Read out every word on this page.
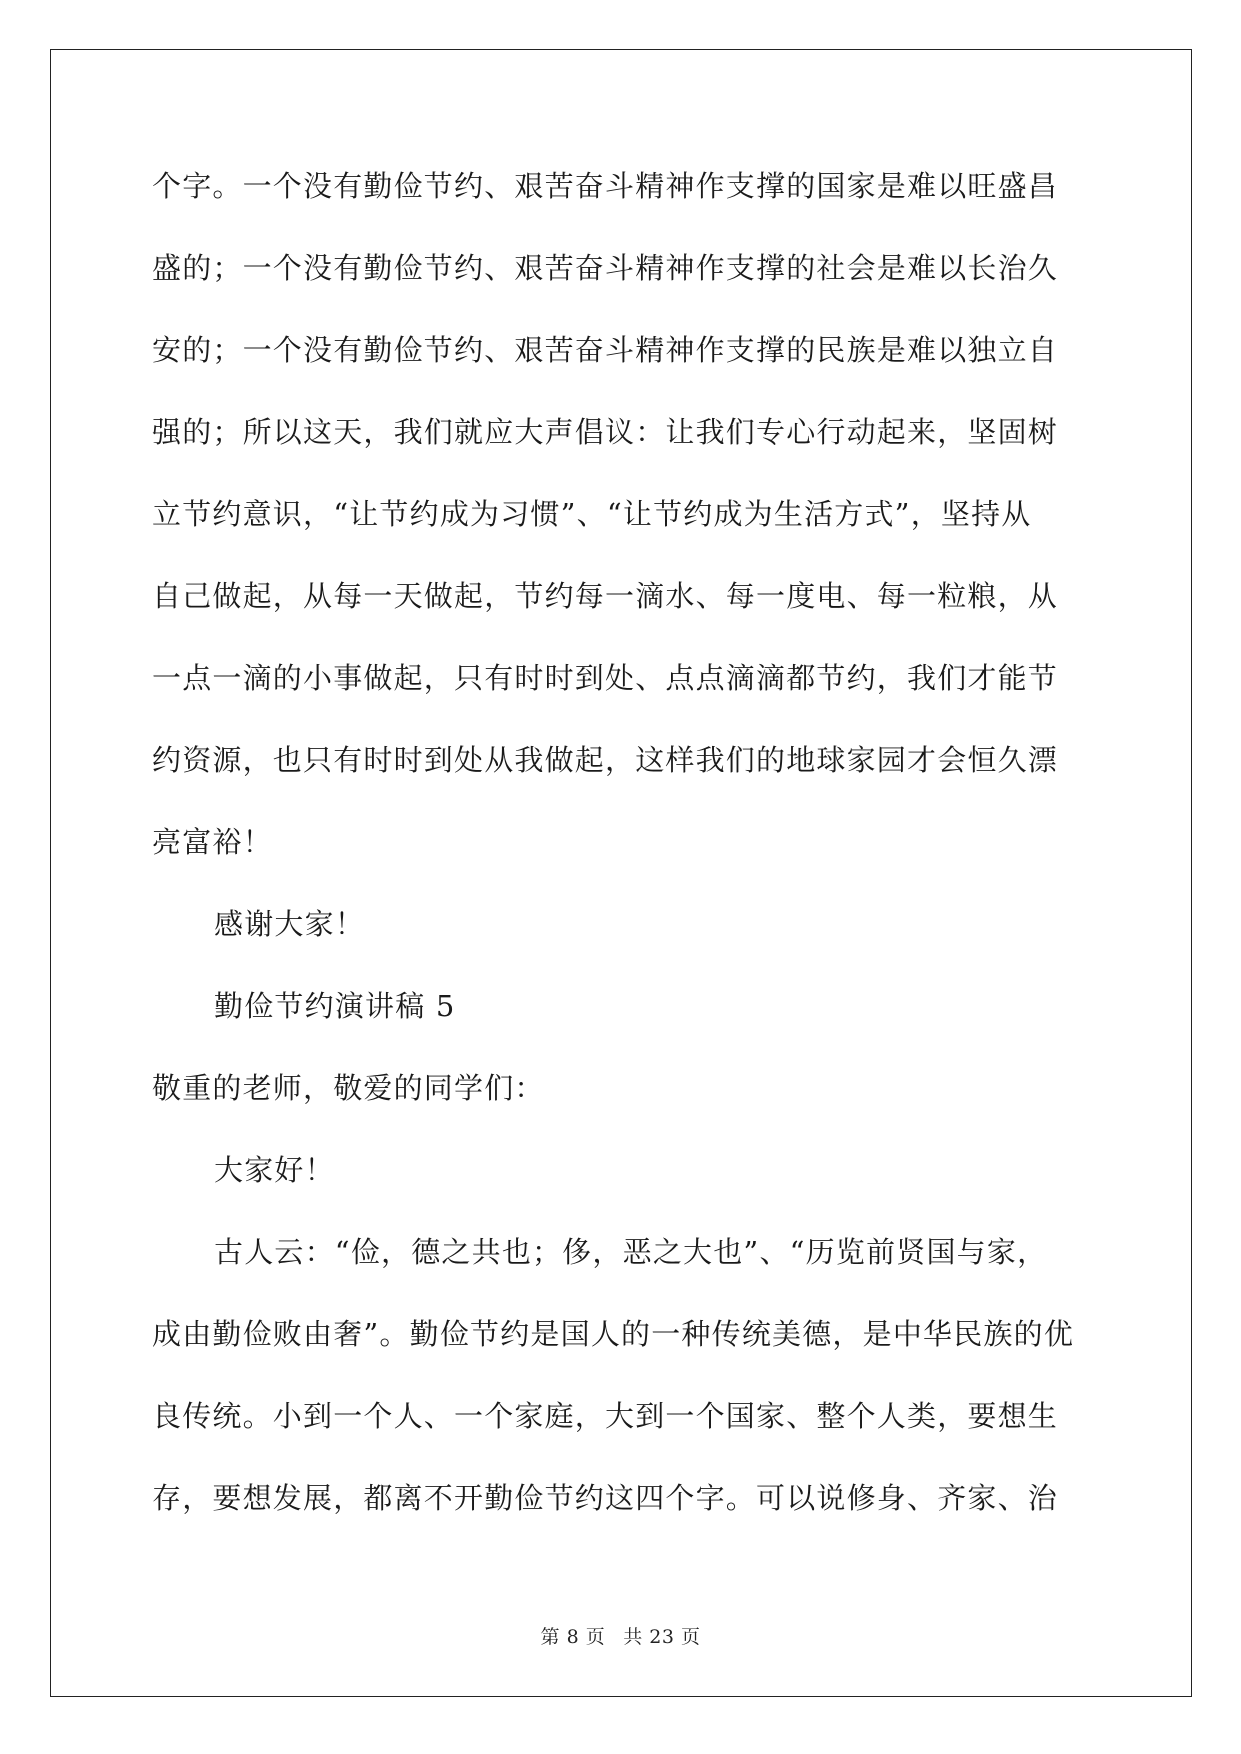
个字。一个没有勤俭节约、艰苦奋斗精神作支撑的国家是难以旺盛昌
盛的；一个没有勤俭节约、艰苦奋斗精神作支撑的社会是难以长治久
安的；一个没有勤俭节约、艰苦奋斗精神作支撑的民族是难以独立自
强的；所以这天，我们就应大声倡议：让我们专心行动起来，坚固树
立节约意识，“让节约成为习惯”、“让节约成为生活方式”，坚持从
自己做起，从每一天做起，节约每一滴水、每一度电、每一粒粮，从
一点一滴的小事做起，只有时时到处、点点滴滴都节约，我们才能节
约资源，也只有时时到处从我做起，这样我们的地球家园才会恒久漂
亮富裕！
感谢大家！
勤俭节约演讲稿 5
敬重的老师，敬爱的同学们：
大家好！
古人云：“俭，德之共也；侈，恶之大也”、“历览前贤国与家，
成由勤俭败由奢”。勤俭节约是国人的一种传统美德，是中华民族的优
良传统。小到一个人、一个家庭，大到一个国家、整个人类，要想生
存，要想发展，都离不开勤俭节约这四个字。可以说修身、齐家、治
第 8 页 共 23 页
